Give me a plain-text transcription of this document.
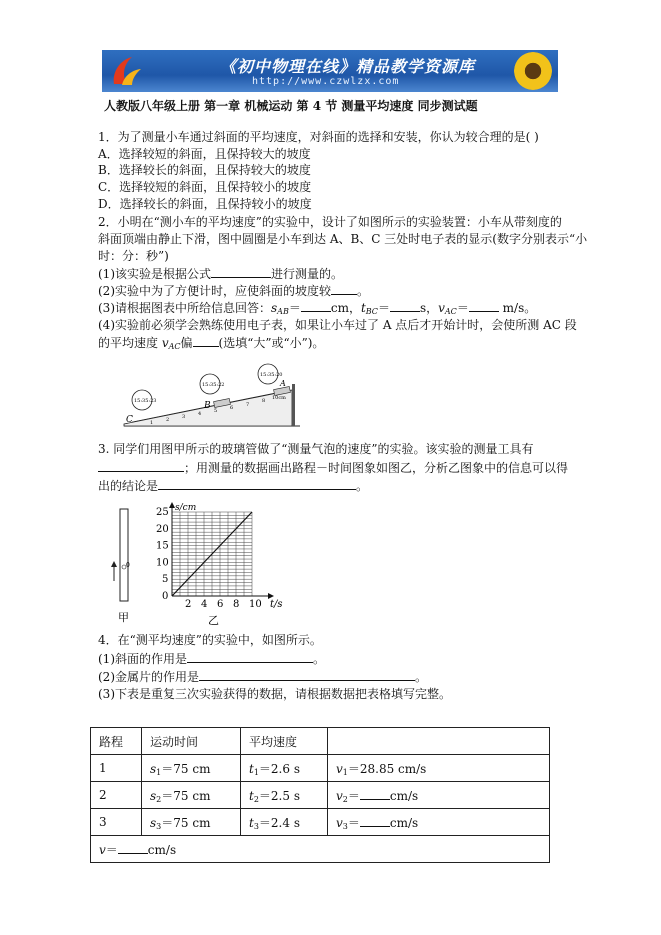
《初中物理在线》精品教学资源库
http://www.czwlzx.com
人教版八年级上册 第一章 机械运动 第 4 节 测量平均速度 同步测试题
1．为了测量小车通过斜面的平均速度，对斜面的选择和安装，你认为较合理的是( )
A．选择较短的斜面，且保持较大的坡度
B．选择较长的斜面，且保持较大的坡度
C．选择较短的斜面，且保持较小的坡度
D．选择较长的斜面，且保持较小的坡度
2．小明在“测小车的平均速度”的实验中，设计了如图所示的实验装置：小车从带刻度的
斜面顶端由静止下滑，图中圆圈是小车到达 A、B、C 三处时电子表的显示(数字分别表示“小
时：分：秒”)
(1)该实验是根据公式	进行测量的。
(2)实验中为了方便计时，应使斜面的坡度较 。
(3)请根据图表中所给信息回答：$s_{AB}=$	cm，$t_{BC}=$	s，$v_{AC}=$	m/s。
(4)实验前必须学会熟练使用电子表，如果让小车过了 A 点后才开始计时，会使所测 AC 段
的平均速度 $v_{AC}$偏 (选填“大”或“小”)。
1	2	3	4	5	6	7
8 10cm
15:35:23
15:35:22
15:35:20
B
C
A
3. 同学们用图甲所示的玻璃管做了“测量气泡的速度”的实验。该实验的测量工具有
；用测量的数据画出路程－时间图象如图乙，分析乙图象中的信息可以得
出的结论是	。
0
甲
2 4 6 8 10
0
5
10
15
20
25
t/s
s/cm
乙
4．在“测平均速度”的实验中，如图所示。
(1)斜面的作用是	。
(2)金属片的作用是	。
(3)下表是重复三次实验获得的数据，请根据数据把表格填写完整。
路程	运动时间	平均速度	
1	$s_1=75$ cm	$t_1=2.6$ s	$v_1=28.85$ cm/s
2	$s_2=75$ cm	$t_2=2.5$ s	$v_2= cm/s$
3	$s_3=75$ cm	$t_3=2.4$ s	$v_3= cm/s$
v＝ cm/s			
